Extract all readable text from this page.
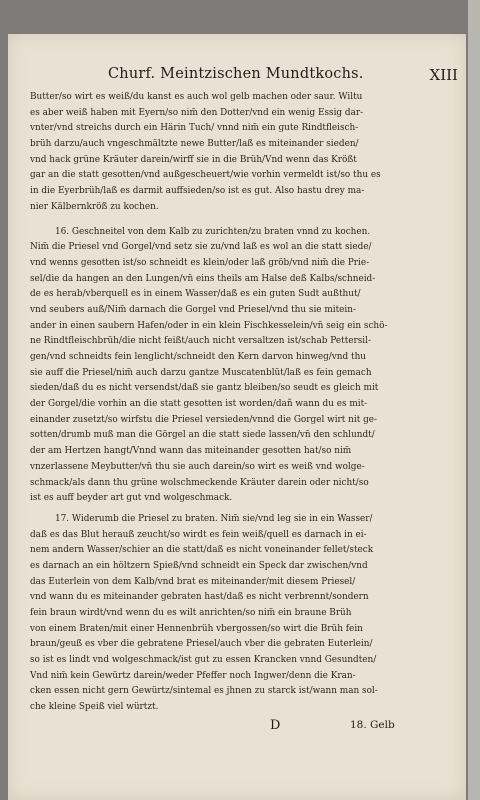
Churf. Meintzischen Mundtkochs.	XIII
Butter/so wirt es weiß/du kanst es auch wol gelb machen oder saur. Wiltu
es aber weiß haben mit Eyern/so nim̃ den Dotter/vnd ein wenig Essig dar-
vnter/vnd streichs durch ein Härin Tuch/ vnnd nim̃ ein gute Rindtfleisch-
brüh darzu/auch vngeschmältzte newe Butter/laß es miteinander sieden/
vnd hack grüne Kräuter darein/wirff sie in die Brüh/Vnd wenn das Krößt
gar an die statt gesotten/vnd außgescheuert/wie vorhin vermeldt ist/so thu es
in die Eyerbrüh/laß es darmit auffsieden/so ist es gut. Also hastu drey ma-
nier Kälbernkröß zu kochen.
16. Geschneitel von dem Kalb zu zurichten/zu braten vnnd zu kochen.
Nim̃ die Priesel vnd Gorgel/vnd setz sie zu/vnd laß es wol an die statt siede/
vnd wenns gesotten ist/so schneidt es klein/oder laß gröb/vnd nim̃ die Prie-
sel/die da hangen an den Lungen/vn̄ eins theils am Halse deß Kalbs/schneid-
de es herab/vberquell es in einem Wasser/daß es ein guten Sudt außthut/
vnd seubers auß/Nim̃ darnach die Gorgel vnd Priesel/vnd thu sie mitein-
ander in einen saubern Hafen/oder in ein klein Fischkesselein/vn̄ seig ein schö-
ne Rindtfleischbrüh/die nicht feißt/auch nicht versaltzen ist/schab Pettersil-
gen/vnd schneidts fein lenglicht/schneidt den Kern darvon hinweg/vnd thu
sie auff die Priesel/nim̃ auch darzu gantze Muscatenblüt/laß es fein gemach
sieden/daß du es nicht versendst/daß sie gantz bleiben/so seudt es gleich mit
der Gorgel/die vorhin an die statt gesotten ist worden/dañ wann du es mit-
einander zusetzt/so wirfstu die Priesel versieden/vnnd die Gorgel wirt nit ge-
sotten/drumb muß man die Görgel an die statt siede lassen/vn̄ den schlundt/
der am Hertzen hangt/Vnnd wann das miteinander gesotten hat/so nim̃
vnzerlassene Meybutter/vn̄ thu sie auch darein/so wirt es weiß vnd wolge-
schmack/als dann thu grüne wolschmeckende Kräuter darein oder nicht/so
ist es auff beyder art gut vnd wolgeschmack.
17. Widerumb die Priesel zu braten. Nim̃ sie/vnd leg sie in ein Wasser/
daß es das Blut herauß zeucht/so wirdt es fein weiß/quell es darnach in ei-
nem andern Wasser/schier an die statt/daß es nicht voneinander fellet/steck
es darnach an ein höltzern Spieß/vnd schneidt ein Speck dar zwischen/vnd
das Euterlein von dem Kalb/vnd brat es miteinander/mit diesem Priesel/
vnd wann du es miteinander gebraten hast/daß es nicht verbrennt/sondern
fein braun wirdt/vnd wenn du es wilt anrichten/so nim̃ ein braune Brüh
von einem Braten/mit einer Hennenbrüh vbergossen/so wirt die Brüh fein
braun/geuß es vber die gebratene Priesel/auch vber die gebraten Euterlein/
so ist es lindt vnd wolgeschmack/ist gut zu essen Krancken vnnd Gesundten/
Vnd nim̃ kein Gewürtz darein/weder Pfeffer noch Ingwer/denn die Kran-
cken essen nicht gern Gewürtz/sintemal es jhnen zu starck ist/wann man sol-
che kleine Speiß viel würtzt.
D	18. Gelb
